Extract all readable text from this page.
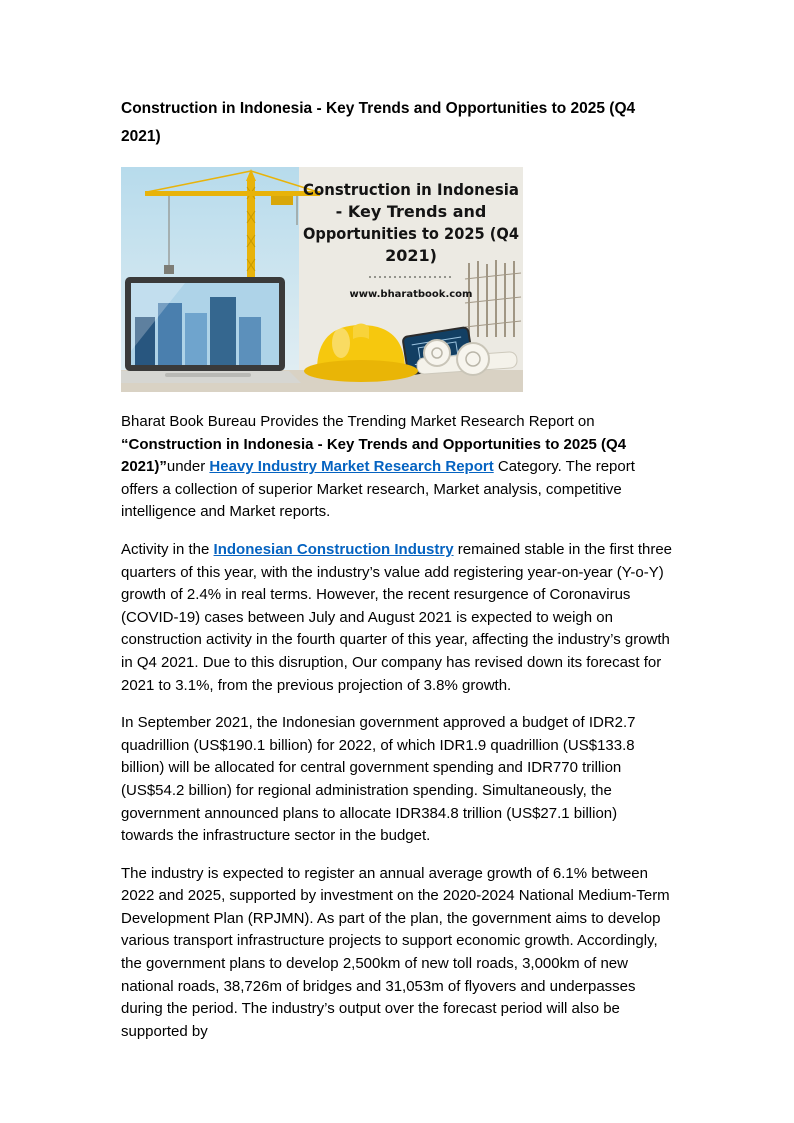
Construction in Indonesia - Key Trends and Opportunities to 2025 (Q4
2021)
Construction in Indonesia
- Key Trends and
Opportunities to 2025 (Q4
2021)
www.bharatbook.com

Bharat Book Bureau Provides the Trending Market Research Report on “Construction in Indonesia - Key Trends and Opportunities to 2025 (Q4 2021)”under Heavy Industry Market Research Report Category. The report offers a collection of superior Market research, Market analysis, competitive intelligence and Market reports.

Activity in the Indonesian Construction Industry remained stable in the first three quarters of this year, with the industry’s value add registering year-on-year (Y-o-Y) growth of 2.4% in real terms. However, the recent resurgence of Coronavirus (COVID-19) cases between July and August 2021 is expected to weigh on construction activity in the fourth quarter of this year, affecting the industry’s growth in Q4 2021. Due to this disruption, Our company has revised down its forecast for 2021 to 3.1%, from the previous projection of 3.8% growth.

In September 2021, the Indonesian government approved a budget of IDR2.7 quadrillion (US$190.1 billion) for 2022, of which IDR1.9 quadrillion (US$133.8 billion) will be allocated for central government spending and IDR770 trillion (US$54.2 billion) for regional administration spending. Simultaneously, the government announced plans to allocate IDR384.8 trillion (US$27.1 billion) towards the infrastructure sector in the budget.

The industry is expected to register an annual average growth of 6.1% between 2022 and 2025, supported by investment on the 2020-2024 National Medium-Term Development Plan (RPJMN). As part of the plan, the government aims to develop various transport infrastructure projects to support economic growth. Accordingly, the government plans to develop 2,500km of new toll roads, 3,000km of new national roads, 38,726m of bridges and 31,053m of flyovers and underpasses during the period. The industry’s output over the forecast period will also be supported by
